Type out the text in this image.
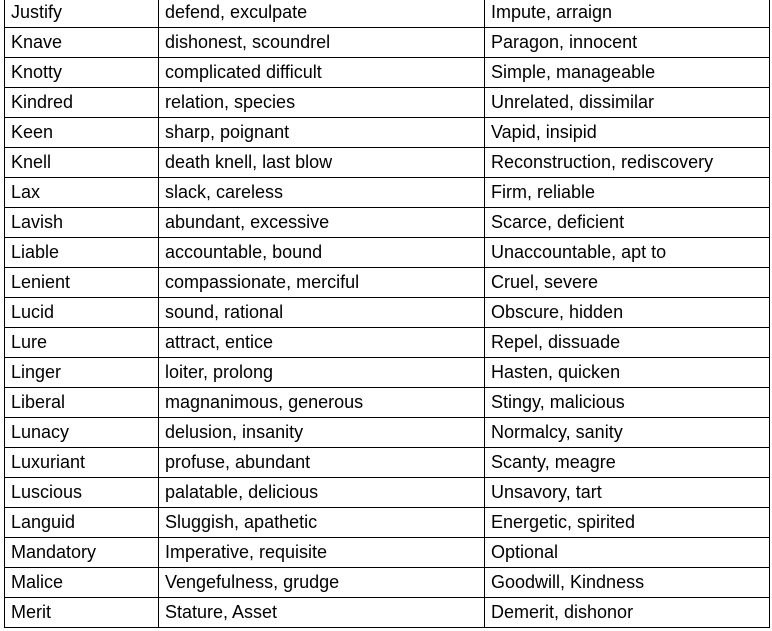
Justify	defend, exculpate	Impute, arraign
Knave	dishonest, scoundrel	Paragon, innocent
Knotty	complicated difficult	Simple, manageable
Kindred	relation, species	Unrelated, dissimilar
Keen	sharp, poignant	Vapid, insipid
Knell	death knell, last blow	Reconstruction, rediscovery
Lax	slack, careless	Firm, reliable
Lavish	abundant, excessive	Scarce, deficient
Liable	accountable, bound	Unaccountable, apt to
Lenient	compassionate, merciful	Cruel, severe
Lucid	sound, rational	Obscure, hidden
Lure	attract, entice	Repel, dissuade
Linger	loiter, prolong	Hasten, quicken
Liberal	magnanimous, generous	Stingy, malicious
Lunacy	delusion, insanity	Normalcy, sanity
Luxuriant	profuse, abundant	Scanty, meagre
Luscious	palatable, delicious	Unsavory, tart
Languid	Sluggish, apathetic	Energetic, spirited
Mandatory	Imperative, requisite	Optional
Malice	Vengefulness, grudge	Goodwill, Kindness
Merit	Stature, Asset	Demerit, dishonor
